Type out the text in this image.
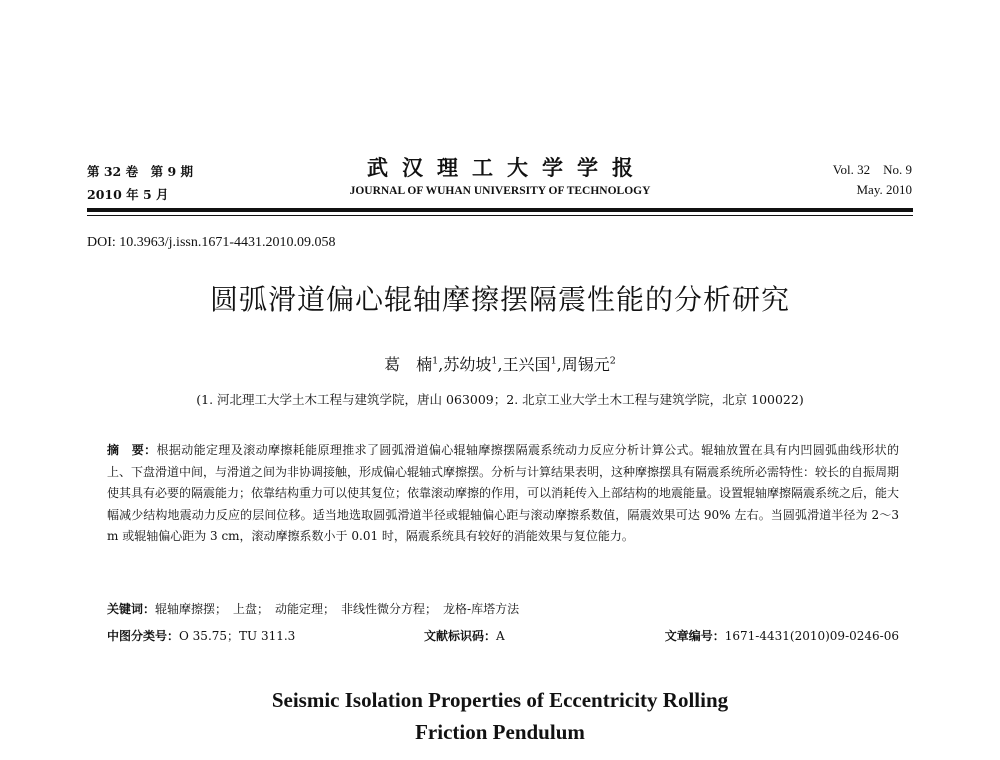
第 32 卷　第 9 期
2010 年 5 月
武汉理工大学学报
JOURNAL OF WUHAN UNIVERSITY OF TECHNOLOGY
Vol. 32　No. 9
May. 2010
DOI: 10.3963/j.issn.1671-4431.2010.09.058
圆弧滑道偏心辊轴摩擦摆隔震性能的分析研究
葛　楠$^1$,苏幼坡$^1$,王兴国$^1$,周锡元$^2$
(1. 河北理工大学土木工程与建筑学院，唐山 063009；2. 北京工业大学土木工程与建筑学院，北京 100022)
摘　要：根据动能定理及滚动摩擦耗能原理推求了圆弧滑道偏心辊轴摩擦摆隔震系统动力反应分析计算公式。辊轴放置在具有内凹圆弧曲线形状的上、下盘滑道中间，与滑道之间为非协调接触，形成偏心辊轴式摩擦摆。分析与计算结果表明，这种摩擦摆具有隔震系统所必需特性：较长的自振周期使其具有必要的隔震能力；依靠结构重力可以使其复位；依靠滚动摩擦的作用，可以消耗传入上部结构的地震能量。设置辊轴摩擦隔震系统之后，能大幅减少结构地震动力反应的层间位移。适当地选取圆弧滑道半径或辊轴偏心距与滚动摩擦系数值，隔震效果可达 90% 左右。当圆弧滑道半径为 2～3 m 或辊轴偏心距为 3 cm，滚动摩擦系数小于 0.01 时，隔震系统具有较好的消能效果与复位能力。
关键词：辊轴摩擦摆；　上盘；　动能定理；　非线性微分方程；　龙格-库塔方法
中图分类号：O 35.75；TU 311.3	文献标识码：A	文章编号：1671-4431(2010)09-0246-06
Seismic Isolation Properties of Eccentricity Rolling
Friction Pendulum
